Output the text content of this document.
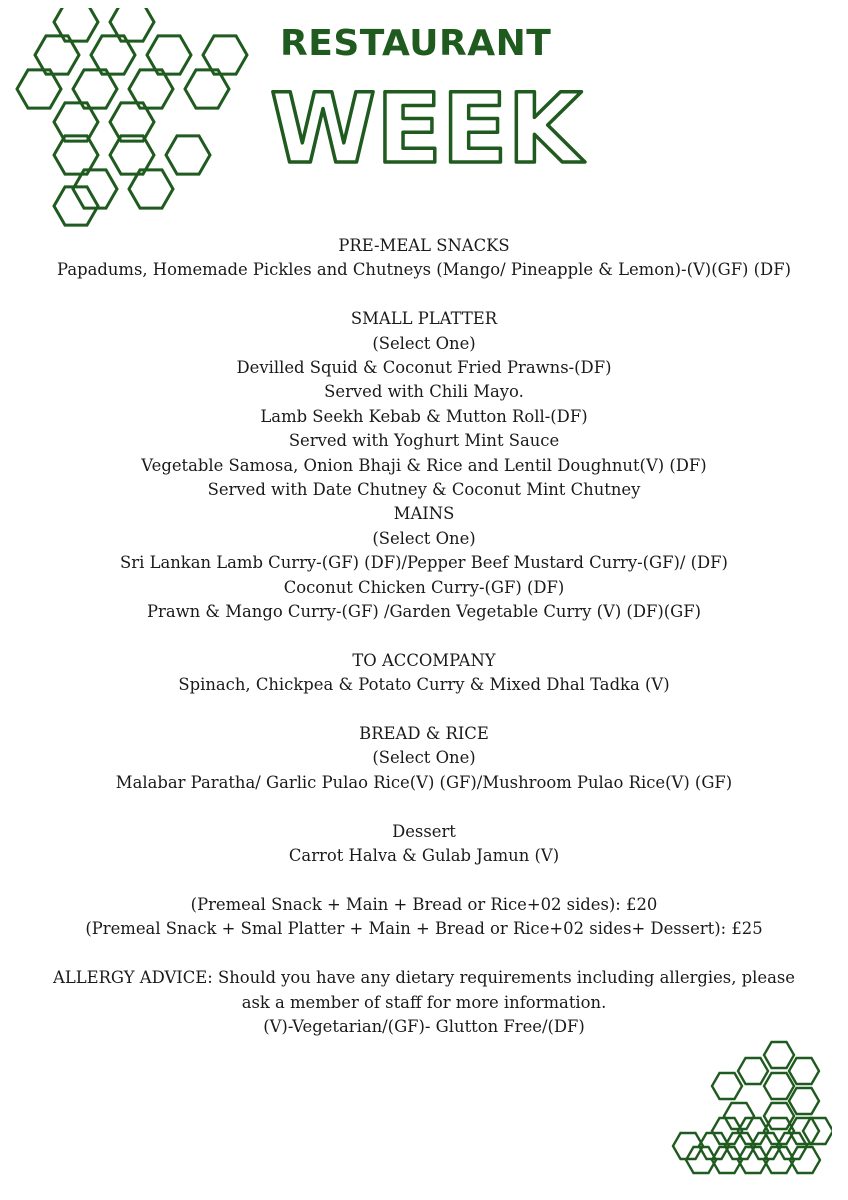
RESTAURANT
WEEK
PRE-MEAL SNACKS
Papadums, Homemade Pickles and Chutneys (Mango/ Pineapple & Lemon)-(V)(GF) (DF)
SMALL PLATTER
(Select One)
Devilled Squid & Coconut Fried Prawns-(DF)
Served with Chili Mayo.
Lamb Seekh Kebab & Mutton Roll-(DF)
Served with Yoghurt Mint Sauce
Vegetable Samosa, Onion Bhaji & Rice and Lentil Doughnut(V) (DF)
Served with Date Chutney & Coconut Mint Chutney
MAINS
(Select One)
Sri Lankan Lamb Curry-(GF) (DF)/Pepper Beef Mustard Curry-(GF)/ (DF)
Coconut Chicken Curry-(GF) (DF)
Prawn & Mango Curry-(GF) /Garden Vegetable Curry (V) (DF)(GF)
TO ACCOMPANY
Spinach, Chickpea & Potato Curry & Mixed Dhal Tadka (V)
BREAD & RICE
(Select One)
Malabar Paratha/ Garlic Pulao Rice(V) (GF)/Mushroom Pulao Rice(V) (GF)
Dessert
Carrot Halva & Gulab Jamun (V)
(Premeal Snack + Main + Bread or Rice+02 sides): £20
(Premeal Snack + Smal Platter + Main + Bread or Rice+02 sides+ Dessert): £25
ALLERGY ADVICE: Should you have any dietary requirements including allergies, please
ask a member of staff for more information.
(V)-Vegetarian/(GF)- Glutton Free/(DF)
